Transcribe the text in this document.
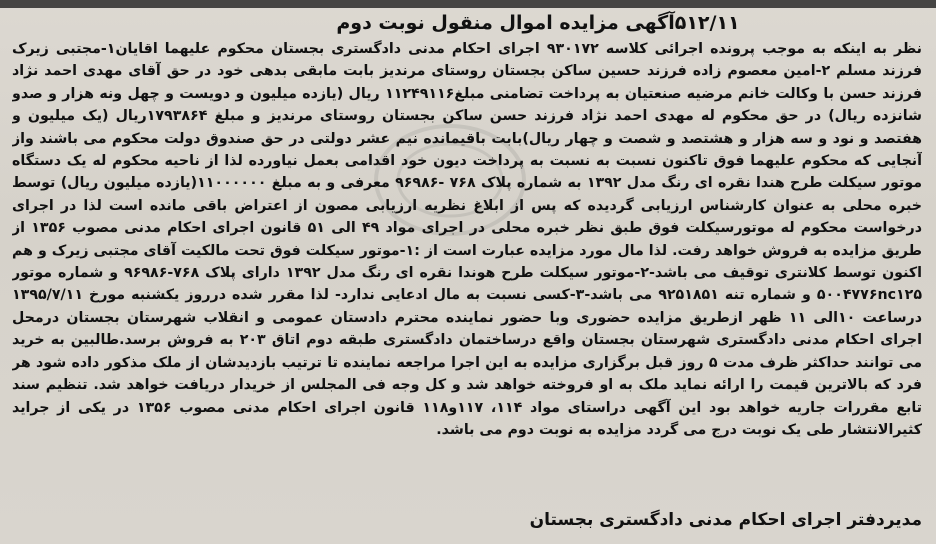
۵۱۲/۱۱آگهی مزایده اموال منقول نوبت دوم

نظر به اینکه به موجب پرونده اجرائی کلاسه ۹۳۰۱۷۲ اجرای احکام مدنی دادگستری بجستان محکوم علیهما اقایان۱-مجتبی زیرک فرزند مسلم ۲-امین معصوم زاده فرزند حسین ساکن بجستان روستای مرندیز بابت مابقی بدهی خود در حق آقای مهدی احمد نژاد فرزند حسن با وکالت خانم مرضیه صنعتیان به پرداخت تضامنی مبلغ۱۱۲۴۹۱۱۶ ریال (یازده میلیون و دویست و چهل ونه هزار و صدو شانزده ریال) در حق محکوم له مهدی احمد نژاد فرزند حسن ساکن بجستان روستای مرندیز و مبلغ ۱۷۹۳۸۶۴ریال (یک میلیون و هفتصد و نود و سه هزار و هشتصد و شصت و چهار ریال)بابت باقیمانده نیم عشر دولتی در حق صندوق دولت محکوم می باشند واز آنجایی که محکوم علیهما فوق تاکنون نسبت به نسبت به پرداخت دیون خود اقدامی بعمل نیاورده لذا از ناحیه محکوم له یک دستگاه موتور سیکلت طرح هندا نقره ای رنگ مدل ۱۳۹۲ به شماره پلاک ۷۶۸ -۹۶۹۸۶ معرفی و به مبلغ ۱۱۰۰۰۰۰۰(یازده میلیون ریال) توسط خبره محلی به عنوان کارشناس ارزیابی گردیده که پس از ابلاغ نظریه ارزیابی مصون از اعتراض باقی مانده است لذا در اجرای درخواست محکوم له موتورسیکلت فوق طبق نظر خبره محلی در اجرای مواد ۴۹ الی ۵۱ قانون اجرای احکام مدنی مصوب ۱۳۵۶ از طریق مزایده به فروش خواهد رفت. لذا مال مورد مزایده عبارت است از :۱-موتور سیکلت فوق تحت مالکیت آقای مجتبی زیرک و هم اکنون توسط کلانتری توقیف می باشد-۲-موتور سیکلت طرح هوندا نقره ای رنگ مدل ۱۳۹۲ دارای پلاک ۷۶۸-۹۶۹۸۶ و شماره موتور ۵۰۰۴۷۷۶nc۱۲۵ و شماره تنه ۹۲۵۱۸۵۱ می باشد-۳-کسی نسبت به مال ادعایی ندارد- لذا مقرر شده درروز یکشنبه مورخ ۱۳۹۵/۷/۱۱ درساعت ۱۰الی ۱۱ ظهر ازطریق مزایده حضوری وبا حضور نماینده محترم دادستان عمومی و انقلاب شهرستان بجستان درمحل اجرای احکام مدنی دادگستری شهرستان بجستان واقع درساختمان دادگستری طبقه دوم اتاق ۲۰۳ به فروش برسد.طالبین به خرید می توانند حداکثر ظرف مدت ۵ روز قبل برگزاری مزایده به این اجرا مراجعه نماینده تا ترتیب بازدیدشان از ملک مذکور داده شود هر فرد که بالاترین قیمت را ارائه نماید ملک به او فروخته خواهد شد و کل وجه فی المجلس از خریدار دریافت خواهد شد. تنظیم سند تابع مقررات جاریه خواهد بود این آگهی دراستای مواد ۱۱۴، ۱۱۷و۱۱۸ قانون اجرای احکام مدنی مصوب ۱۳۵۶ در یکی از جراید کثیرالانتشار طی یک نوبت درج می گردد مزایده به نوبت دوم می باشد.

مدیردفتر اجرای احکام مدنی دادگستری بجستان
